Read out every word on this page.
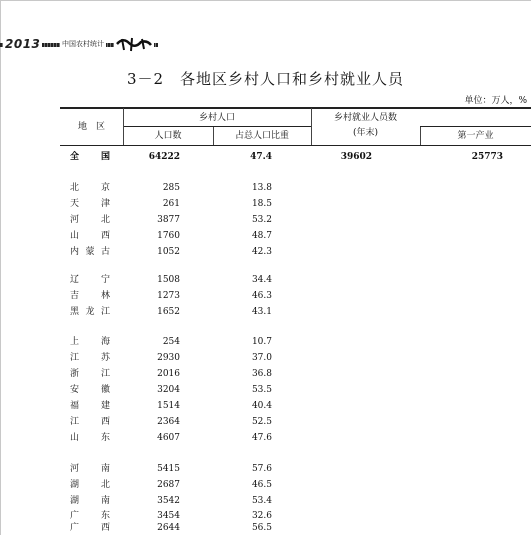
2013	中国农村统计
3－2　各地区乡村人口和乡村就业人员
单位：万人，%
地　区
乡村人口
人口数	占总人口比重
乡村就业人员数
(年末)	第一产业
全　国	64222	47.4	39602	25773
北　京	285	13.8
天　津	261	18.5
河　北	3877	53.2
山　西	1760	48.7
内蒙古	1052	42.3
辽　宁	1508	34.4
吉　林	1273	46.3
黑龙江	1652	43.1
上　海	254	10.7
江　苏	2930	37.0
浙　江	2016	36.8
安　徽	3204	53.5
福　建	1514	40.4
江　西	2364	52.5
山　东	4607	47.6
河　南	5415	57.6
湖　北	2687	46.5
湖　南	3542	53.4
广　东	3454	32.6
广　西	2644	56.5
